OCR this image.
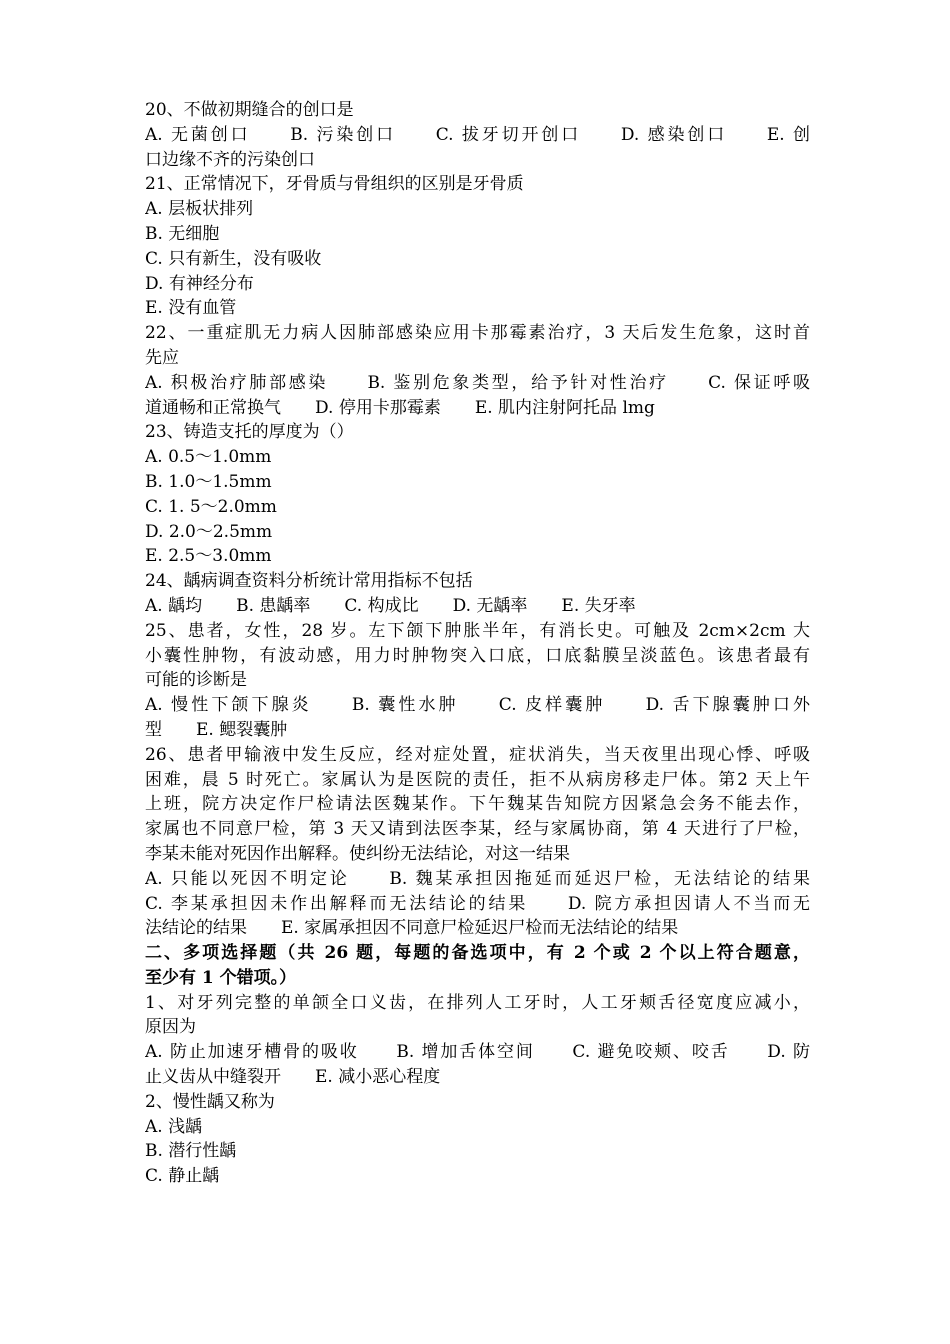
20、不做初期缝合的创口是
A. 无菌创口　　B. 污染创口　　C. 拔牙切开创口　　D. 感染创口　　E. 创
口边缘不齐的污染创口
21、正常情况下，牙骨质与骨组织的区别是牙骨质
A. 层板状排列
B. 无细胞
C. 只有新生，没有吸收
D. 有神经分布
E. 没有血管
22、一重症肌无力病人因肺部感染应用卡那霉素治疗，3 天后发生危象，这时首
先应
A. 积极治疗肺部感染　　B. 鉴别危象类型，给予针对性治疗　　C. 保证呼吸
道通畅和正常换气　　D. 停用卡那霉素　　E. 肌内注射阿托品 lmg
23、铸造支托的厚度为（）
A. 0.5～1.0mm
B. 1.0～1.5mm
C. 1. 5～2.0mm
D. 2.0～2.5mm
E. 2.5～3.0mm
24、龋病调查资料分析统计常用指标不包括
A. 龋均　　B. 患龋率　　C. 构成比　　D. 无龋率　　E. 失牙率
25、患者，女性，28 岁。左下颌下肿胀半年，有消长史。可触及 2cm×2cm 大
小囊性肿物，有波动感，用力时肿物突入口底，口底黏膜呈淡蓝色。该患者最有
可能的诊断是
A. 慢性下颌下腺炎　　B. 囊性水肿　　C. 皮样囊肿　　D. 舌下腺囊肿口外
型　　E. 鳃裂囊肿
26、患者甲输液中发生反应，经对症处置，症状消失，当天夜里出现心悸、呼吸
困难，晨 5 时死亡。家属认为是医院的责任，拒不从病房移走尸体。第2 天上午
上班，院方决定作尸检请法医魏某作。下午魏某告知院方因紧急会务不能去作，
家属也不同意尸检，第 3 天又请到法医李某，经与家属协商，第 4 天进行了尸检，
李某未能对死因作出解释。使纠纷无法结论，对这一结果
A. 只能以死因不明定论　　B. 魏某承担因拖延而延迟尸检，无法结论的结果
C. 李某承担因未作出解释而无法结论的结果　　D. 院方承担因请人不当而无
法结论的结果　　E. 家属承担因不同意尸检延迟尸检而无法结论的结果
二、多项选择题（共 26 题，每题的备选项中，有 2 个或 2 个以上符合题意，
至少有 1 个错项。）
1、对牙列完整的单颌全口义齿，在排列人工牙时，人工牙颊舌径宽度应减小，
原因为
A. 防止加速牙槽骨的吸收　　B. 增加舌体空间　　C. 避免咬颊、咬舌　　D. 防
止义齿从中缝裂开　　E. 减小恶心程度
2、慢性龋又称为
A. 浅龋
B. 潜行性龋
C. 静止龋
